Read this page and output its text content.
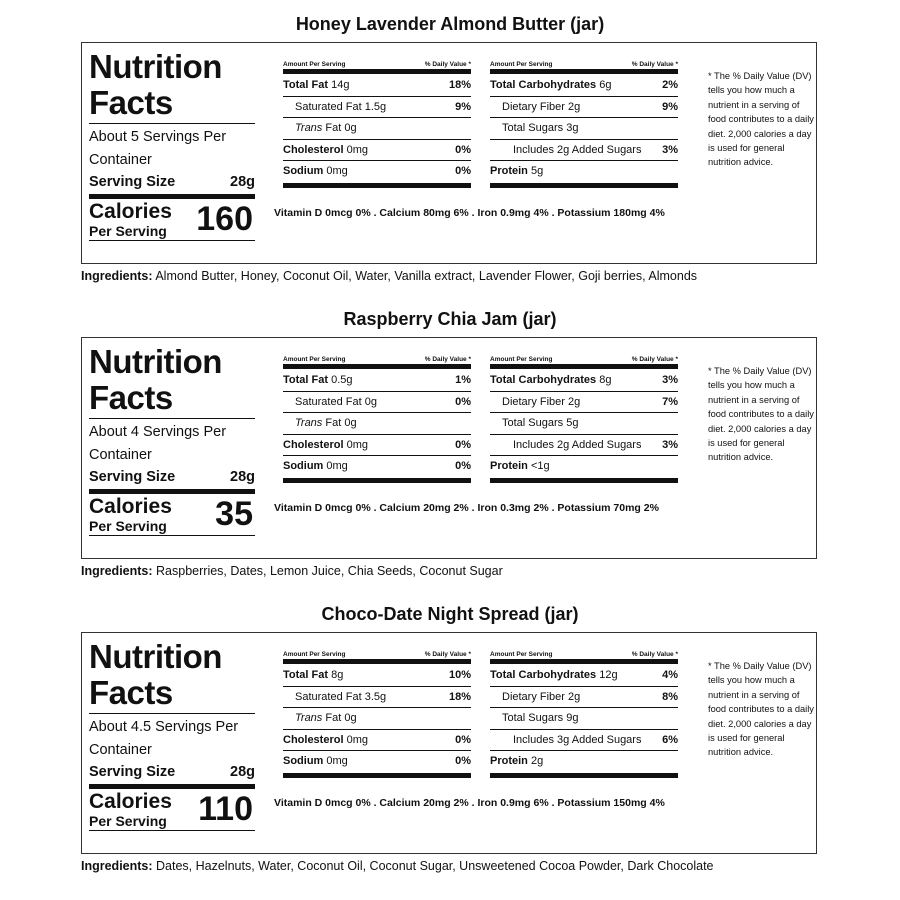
Honey Lavender Almond Butter (jar)
Nutrition
Facts
About 5 Servings Per Container
Serving Size	28g
Calories
Per Serving 160
Amount Per Serving	% Daily Value *
Total Fat 14g	18%
Saturated Fat 1.5g	9%
Trans Fat 0g
Cholesterol 0mg	0%
Sodium 0mg	0%
Amount Per Serving	% Daily Value *
Total Carbohydrates 6g	2%
Dietary Fiber 2g	9%
Total Sugars 3g
Includes 2g Added Sugars 3%
Protein 5g
Vitamin D 0mcg 0% . Calcium 80mg 6% . Iron 0.9mg 4% . Potassium 180mg 4%
* The % Daily Value (DV) tells you how much a nutrient in a serving of food contributes to a daily diet. 2,000 calories a day is used for general nutrition advice.
Ingredients: Almond Butter, Honey, Coconut Oil, Water, Vanilla extract, Lavender Flower, Goji berries, Almonds
Raspberry Chia Jam (jar)
Nutrition
Facts
About 4 Servings Per Container
Serving Size	28g
Calories
Per Serving 35
Amount Per Serving	% Daily Value *
Total Fat 0.5g	1%
Saturated Fat 0g	0%
Trans Fat 0g
Cholesterol 0mg	0%
Sodium 0mg	0%
Amount Per Serving	% Daily Value *
Total Carbohydrates 8g	3%
Dietary Fiber 2g	7%
Total Sugars 5g
Includes 2g Added Sugars 3%
Protein <1g
Vitamin D 0mcg 0% . Calcium 20mg 2% . Iron 0.3mg 2% . Potassium 70mg 2%
* The % Daily Value (DV) tells you how much a nutrient in a serving of food contributes to a daily diet. 2,000 calories a day is used for general nutrition advice.
Ingredients: Raspberries, Dates, Lemon Juice, Chia Seeds, Coconut Sugar
Choco-Date Night Spread (jar)
Nutrition
Facts
About 4.5 Servings Per Container
Serving Size	28g
Calories
Per Serving 110
Amount Per Serving	% Daily Value *
Total Fat 8g	10%
Saturated Fat 3.5g	18%
Trans Fat 0g
Cholesterol 0mg	0%
Sodium 0mg	0%
Amount Per Serving	% Daily Value *
Total Carbohydrates 12g	4%
Dietary Fiber 2g	8%
Total Sugars 9g
Includes 3g Added Sugars 6%
Protein 2g
Vitamin D 0mcg 0% . Calcium 20mg 2% . Iron 0.9mg 6% . Potassium 150mg 4%
* The % Daily Value (DV) tells you how much a nutrient in a serving of food contributes to a daily diet. 2,000 calories a day is used for general nutrition advice.
Ingredients: Dates, Hazelnuts, Water, Coconut Oil, Coconut Sugar, Unsweetened Cocoa Powder, Dark Chocolate
